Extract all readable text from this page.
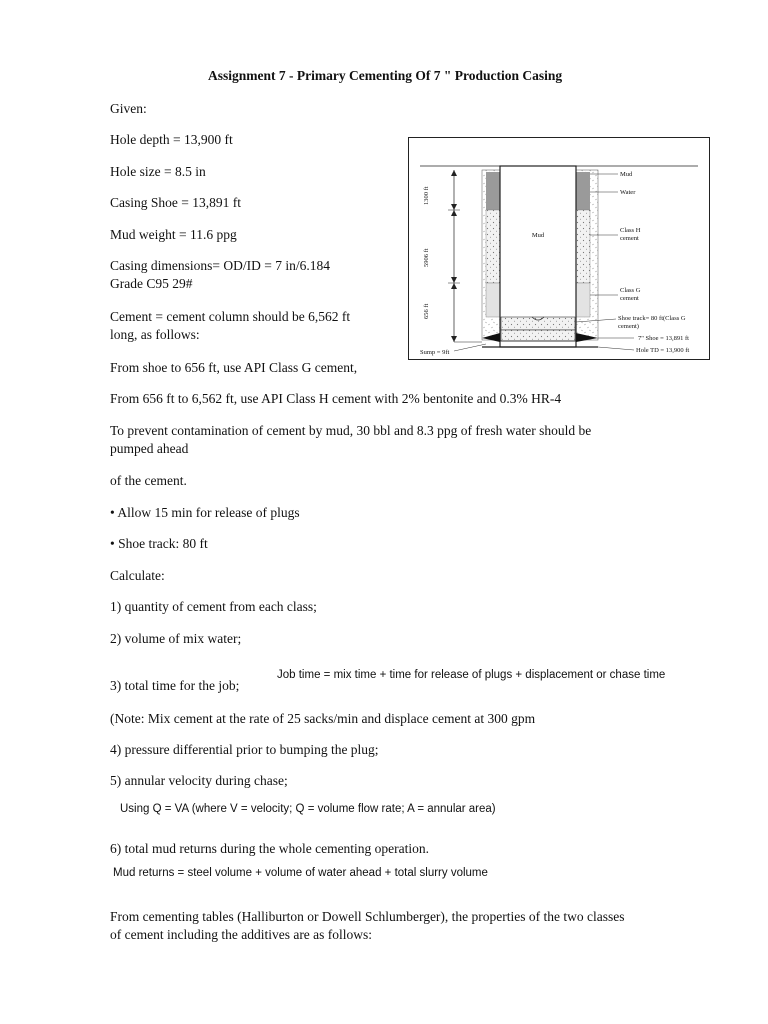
Assignment 7 - Primary Cementing Of 7 " Production Casing
Given:
Hole depth = 13,900 ft
Hole size = 8.5 in
Casing Shoe = 13,891 ft
Mud weight = 11.6 ppg
Casing dimensions= OD/ID = 7 in/6.184
Grade C95 29#
Cement = cement column should be 6,562 ft
long, as follows:
From shoe to 656 ft, use API Class G cement,
From 656 ft to 6,562 ft, use API Class H cement with 2% bentonite and 0.3% HR-4
To prevent contamination of cement by mud, 30 bbl and 8.3 ppg of fresh water should be
pumped ahead
of the cement.
• Allow 15 min for release of plugs
• Shoe track: 80 ft
Calculate:
1) quantity of cement from each class;
2) volume of mix water;
Job time = mix time + time for release of plugs + displacement or chase time
3) total time for the job;
(Note: Mix cement at the rate of 25 sacks/min and displace cement at 300 gpm
4) pressure differential prior to bumping the plug;
5) annular velocity during chase;
Using Q = VA (where V = velocity; Q = volume flow rate; A = annular area)
6) total mud returns during the whole cementing operation.
Mud returns = steel volume + volume of water ahead + total slurry volume
From cementing tables (Halliburton or Dowell Schlumberger), the properties of the two classes
of cement including the additives are as follows:
Mud
1300 ft
5906 ft
656 ft
Mud
Water
Class H
cement
Class G
cement
Shoe track= 80 ft(Class G
cement)
7" Shoe = 13,891 ft
Hole TD = 13,900 ft
Sump = 9ft
